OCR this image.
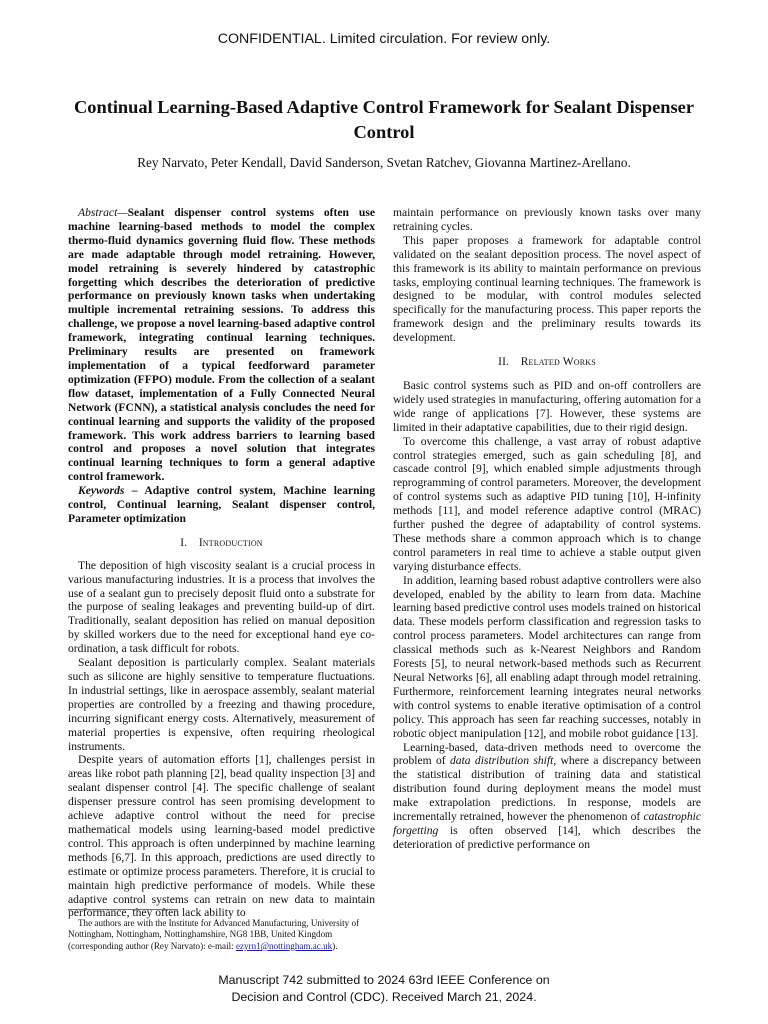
CONFIDENTIAL. Limited circulation. For review only.
Continual Learning-Based Adaptive Control Framework for Sealant Dispenser Control
Rey Narvato, Peter Kendall, David Sanderson, Svetan Ratchev, Giovanna Martinez-Arellano.

Abstract—Sealant dispenser control systems often use machine learning-based methods to model the complex thermo-fluid dynamics governing fluid flow. These methods are made adaptable through model retraining. However, model retraining is severely hindered by catastrophic forgetting which describes the deterioration of predictive performance on previously known tasks when undertaking multiple incremental retraining sessions. To address this challenge, we propose a novel learning-based adaptive control framework, integrating continual learning techniques. Preliminary results are presented on framework implementation of a typical feedforward parameter optimization (FFPO) module. From the collection of a sealant flow dataset, implementation of a Fully Connected Neural Network (FCNN), a statistical analysis concludes the need for continual learning and supports the validity of the proposed framework. This work address barriers to learning based control and proposes a novel solution that integrates continual learning techniques to form a general adaptive control framework.

Keywords – Adaptive control system, Machine learning control, Continual learning, Sealant dispenser control, Parameter optimization

I. Introduction

The deposition of high viscosity sealant is a crucial process in various manufacturing industries. It is a process that involves the use of a sealant gun to precisely deposit fluid onto a substrate for the purpose of sealing leakages and preventing build-up of dirt. Traditionally, sealant deposition has relied on manual deposition by skilled workers due to the need for exceptional hand eye co-ordination, a task difficult for robots.

Sealant deposition is particularly complex. Sealant materials such as silicone are highly sensitive to temperature fluctuations. In industrial settings, like in aerospace assembly, sealant material properties are controlled by a freezing and thawing procedure, incurring significant energy costs. Alternatively, measurement of material properties is expensive, often requiring rheological instruments.

Despite years of automation efforts [1], challenges persist in areas like robot path planning [2], bead quality inspection [3] and sealant dispenser control [4]. The specific challenge of sealant dispenser pressure control has seen promising development to achieve adaptive control without the need for precise mathematical models using learning-based model predictive control. This approach is often underpinned by machine learning methods [6,7]. In this approach, predictions are used directly to estimate or optimize process parameters. Therefore, it is crucial to maintain high predictive performance of models. While these adaptive control systems can retrain on new data to maintain performance, they often lack ability to

maintain performance on previously known tasks over many retraining cycles.

This paper proposes a framework for adaptable control validated on the sealant deposition process. The novel aspect of this framework is its ability to maintain performance on previous tasks, employing continual learning techniques. The framework is designed to be modular, with control modules selected specifically for the manufacturing process. This paper reports the framework design and the preliminary results towards its development.

II. Related Works

Basic control systems such as PID and on-off controllers are widely used strategies in manufacturing, offering automation for a wide range of applications [7]. However, these systems are limited in their adaptative capabilities, due to their rigid design.

To overcome this challenge, a vast array of robust adaptive control strategies emerged, such as gain scheduling [8], and cascade control [9], which enabled simple adjustments through reprogramming of control parameters. Moreover, the development of control systems such as adaptive PID tuning [10], H-infinity methods [11], and model reference adaptive control (MRAC) further pushed the degree of adaptability of control systems. These methods share a common approach which is to change control parameters in real time to achieve a stable output given varying disturbance effects.

In addition, learning based robust adaptive controllers were also developed, enabled by the ability to learn from data. Machine learning based predictive control uses models trained on historical data. These models perform classification and regression tasks to control process parameters. Model architectures can range from classical methods such as k-Nearest Neighbors and Random Forests [5], to neural network-based methods such as Recurrent Neural Networks [6], all enabling adapt through model retraining. Furthermore, reinforcement learning integrates neural networks with control systems to enable iterative optimisation of a control policy. This approach has seen far reaching successes, notably in robotic object manipulation [12], and mobile robot guidance [13].

Learning-based, data-driven methods need to overcome the problem of data distribution shift, where a discrepancy between the statistical distribution of training data and statistical distribution found during deployment means the model must make extrapolation predictions. In response, models are incrementally retrained, however the phenomenon of catastrophic forgetting is often observed [14], which describes the deterioration of predictive performance on

The authors are with the Institute for Advanced Manufacturing, University of Nottingham, Nottingham, Nottinghamshire, NG8 1BB, United Kingdom (corresponding author (Rey Narvato): e-mail: ezyrn1@nottingham.ac.uk).
Manuscript 742 submitted to 2024 63rd IEEE Conference on
Decision and Control (CDC). Received March 21, 2024.
